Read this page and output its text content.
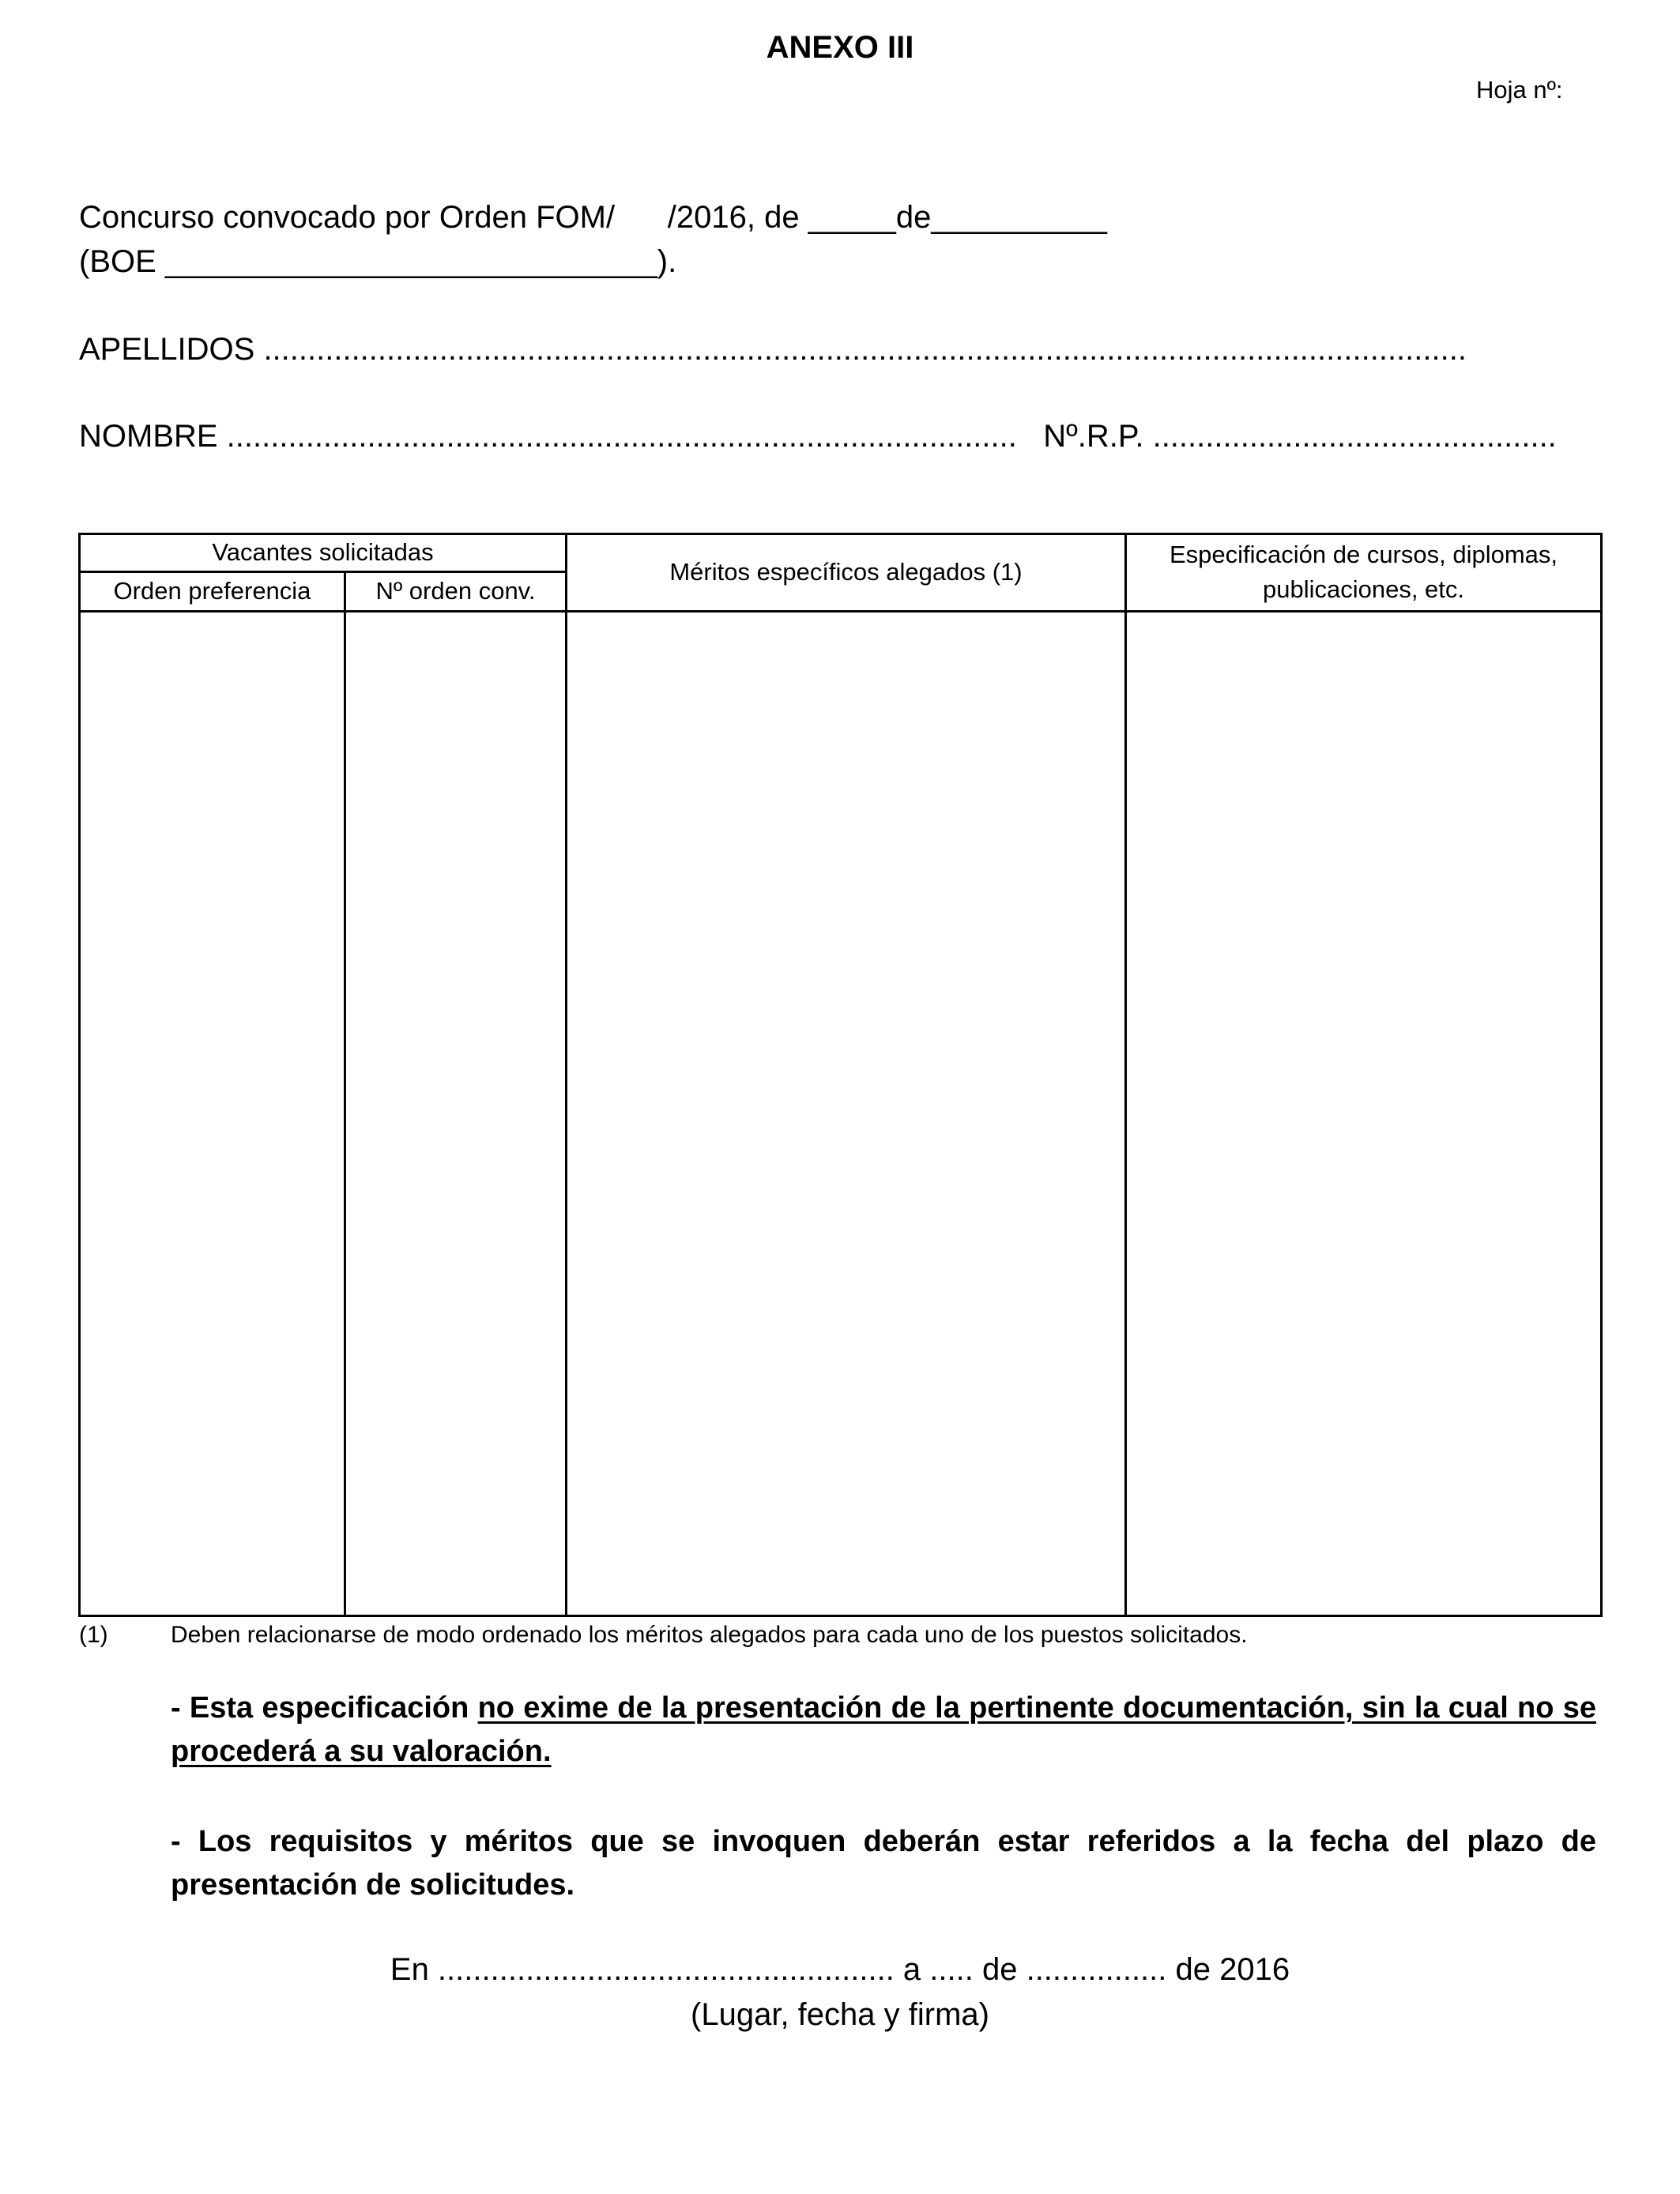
ANEXO III
Hoja nº:
Concurso convocado por Orden FOM/      /2016, de _____de__________
(BOE ____________________________).
APELLIDOS .........................................................................................................................................
NOMBRE .......................................................................................... Nº.R.P. ..............................................
Vacantes solicitadas		Méritos específicos alegados (1)	Especificación de cursos, diplomas, publicaciones, etc.
Orden preferencia	Nº orden conv.		

(1)	Deben relacionarse de modo ordenado los méritos alegados para cada uno de los puestos solicitados.
- Esta especificación no exime de la presentación de la pertinente documentación, sin la cual no se procederá a su valoración.
- Los requisitos y méritos que se invoquen deberán estar referidos a la fecha del plazo de presentación de solicitudes.
En .................................................... a ..... de ................ de 2016
(Lugar, fecha y firma)
